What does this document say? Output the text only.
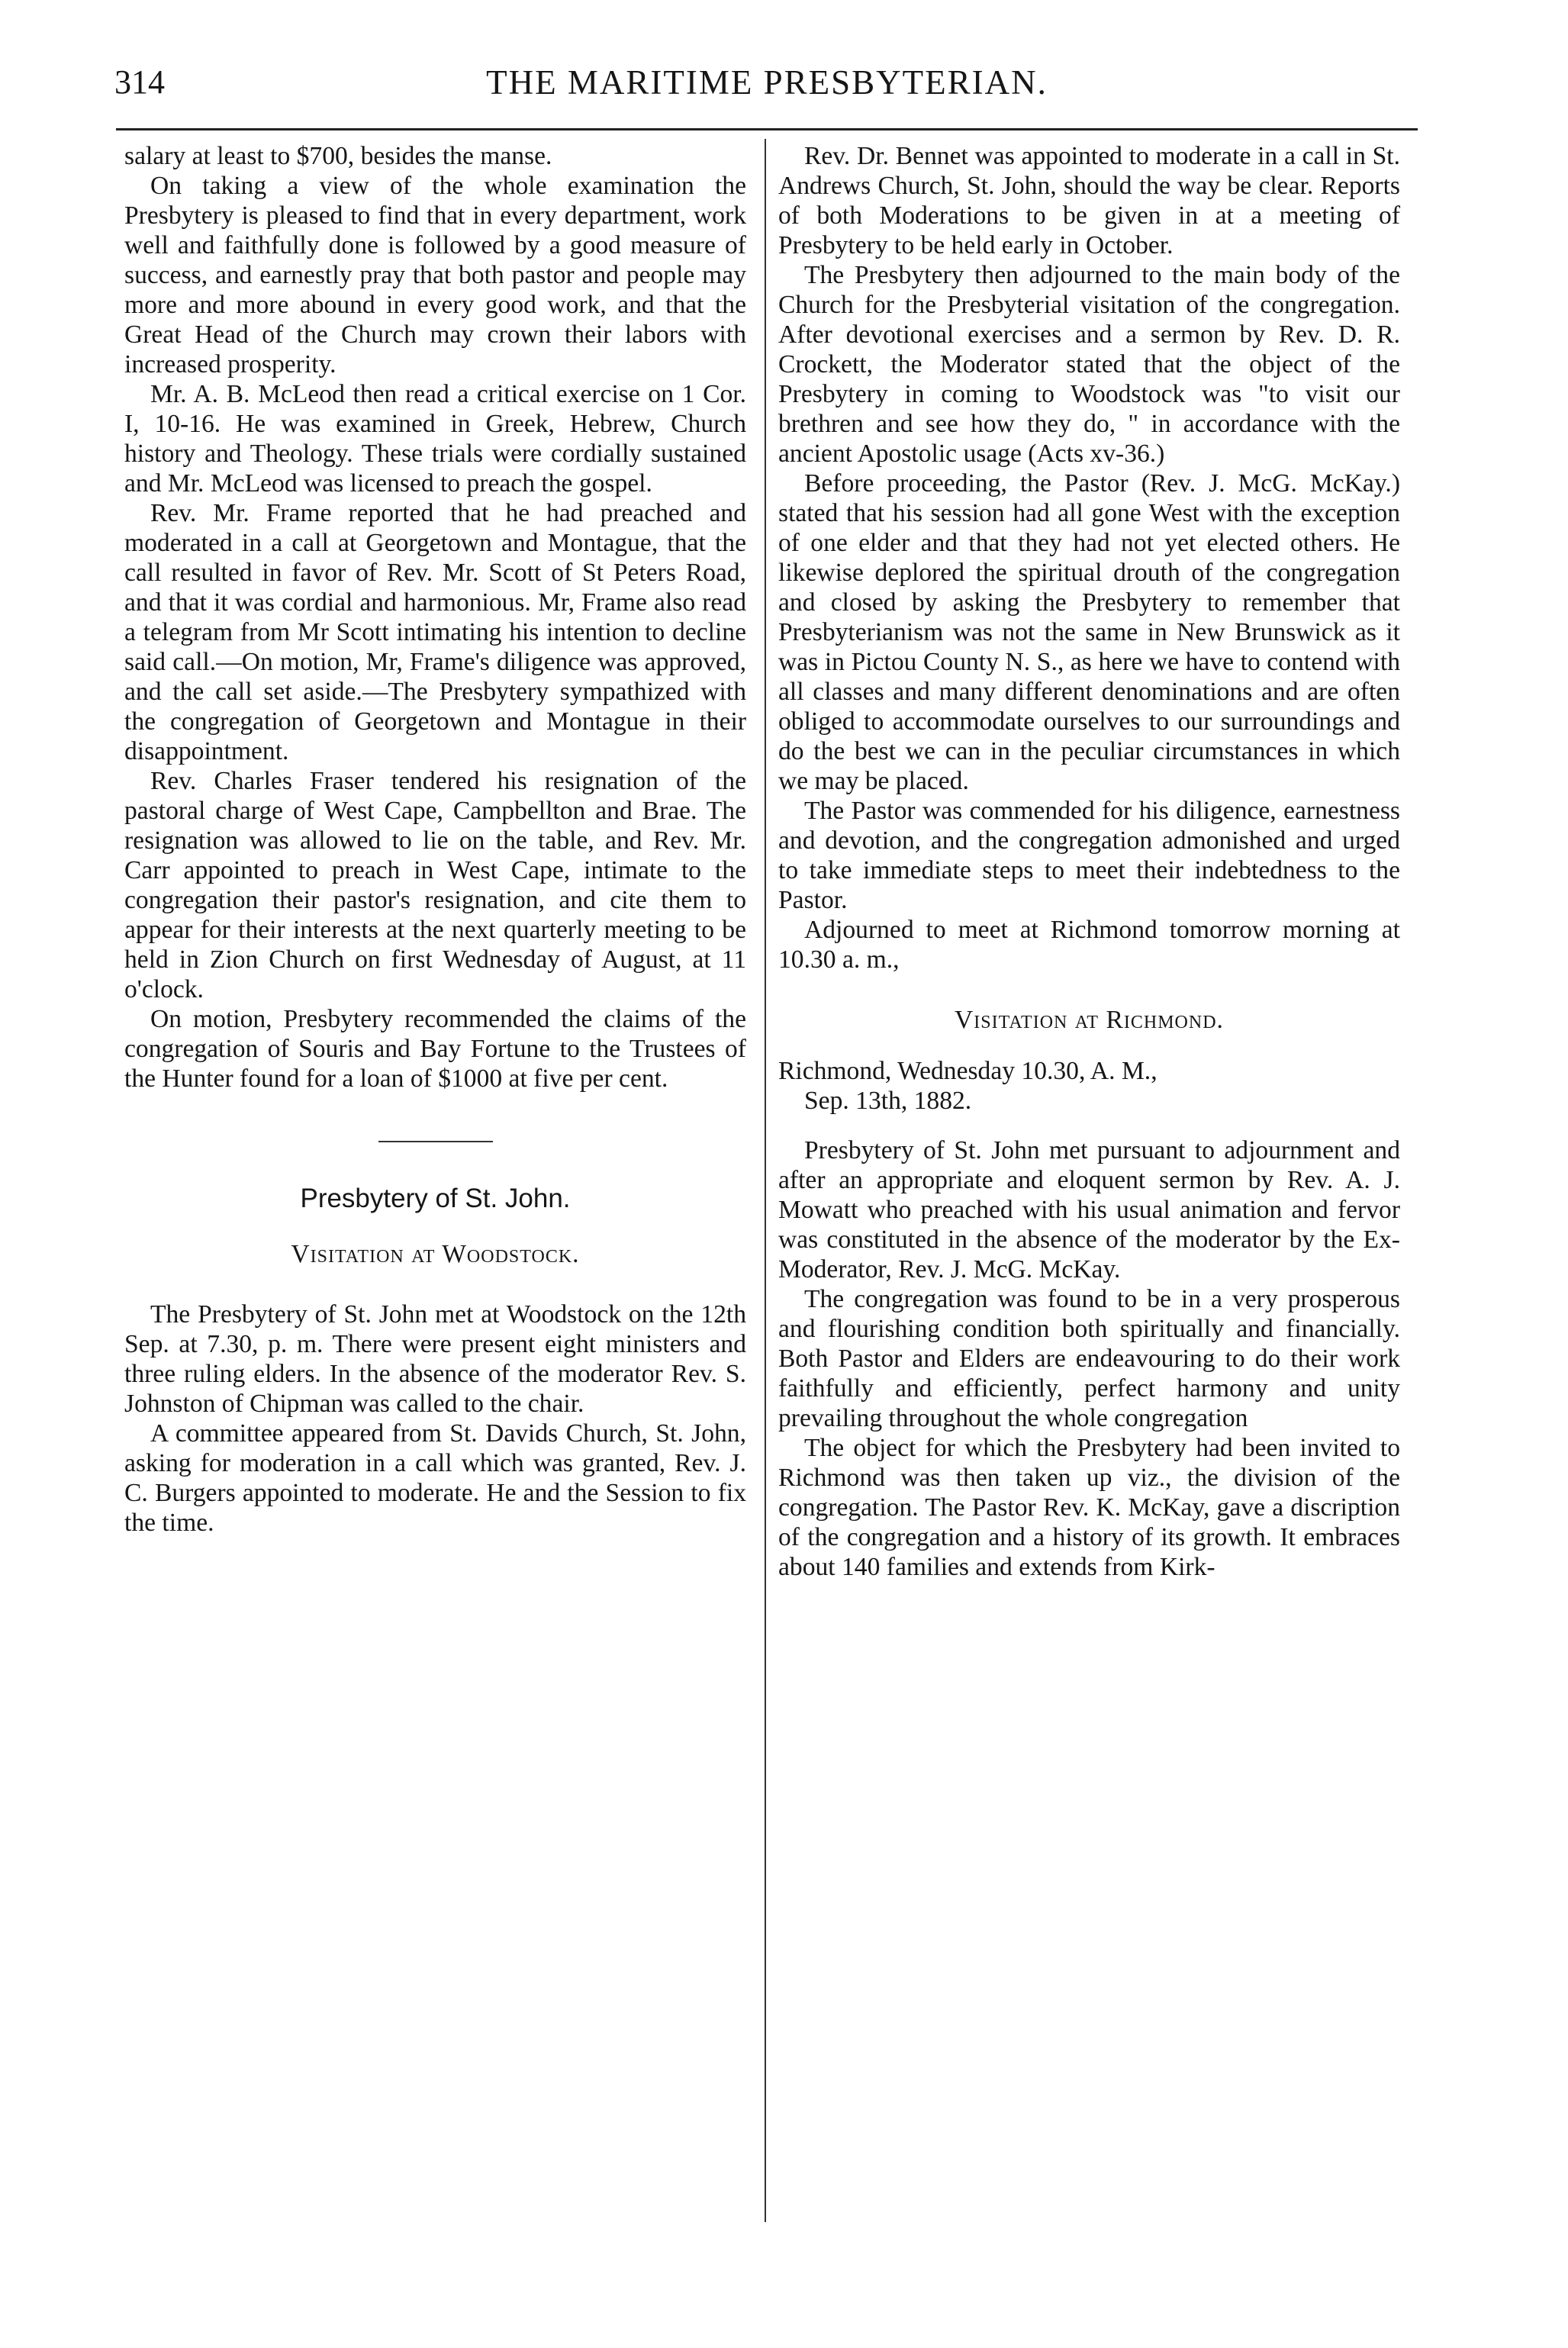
314	THE MARITIME PRESBYTERIAN.

salary at least to $700, besides the manse.

On taking a view of the whole examination the Presbytery is pleased to find that in every department, work well and faithfully done is followed by a good measure of success, and earnestly pray that both pastor and people may more and more abound in every good work, and that the Great Head of the Church may crown their labors with increased prosperity.

Mr. A. B. McLeod then read a critical exercise on 1 Cor. I, 10-16. He was examined in Greek, Hebrew, Church history and Theology. These trials were cordially sustained and Mr. McLeod was licensed to preach the gospel.

Rev. Mr. Frame reported that he had preached and moderated in a call at Georgetown and Montague, that the call resulted in favor of Rev. Mr. Scott of St Peters Road, and that it was cordial and harmonious. Mr, Frame also read a telegram from Mr Scott intimating his intention to decline said call.—On motion, Mr, Frame's diligence was approved, and the call set aside.—The Presbytery sympathized with the congregation of Georgetown and Montague in their disappointment.

Rev. Charles Fraser tendered his resignation of the pastoral charge of West Cape, Campbellton and Brae. The resignation was allowed to lie on the table, and Rev. Mr. Carr appointed to preach in West Cape, intimate to the congregation their pastor's resignation, and cite them to appear for their interests at the next quarterly meeting to be held in Zion Church on first Wednesday of August, at 11 o'clock.

On motion, Presbytery recommended the claims of the congregation of Souris and Bay Fortune to the Trustees of the Hunter found for a loan of $1000 at five per cent.

Presbytery of St. John.

Visitation at Woodstock.

The Presbytery of St. John met at Woodstock on the 12th Sep. at 7.30, p. m. There were present eight ministers and three ruling elders. In the absence of the moderator Rev. S. Johnston of Chipman was called to the chair.

A committee appeared from St. Davids Church, St. John, asking for moderation in a call which was granted, Rev. J. C. Burgers appointed to moderate. He and the Session to fix the time.

Rev. Dr. Bennet was appointed to moderate in a call in St. Andrews Church, St. John, should the way be clear. Reports of both Moderations to be given in at a meeting of Presbytery to be held early in October.

The Presbytery then adjourned to the main body of the Church for the Presbyterial visitation of the congregation. After devotional exercises and a sermon by Rev. D. R. Crockett, the Moderator stated that the object of the Presbytery in coming to Woodstock was "to visit our brethren and see how they do, " in accordance with the ancient Apostolic usage (Acts xv-36.)

Before proceeding, the Pastor (Rev. J. McG. McKay.) stated that his session had all gone West with the exception of one elder and that they had not yet elected others. He likewise deplored the spiritual drouth of the congregation and closed by asking the Presbytery to remember that Presbyterianism was not the same in New Brunswick as it was in Pictou County N. S., as here we have to contend with all classes and many different denominations and are often obliged to accommodate ourselves to our surroundings and do the best we can in the peculiar circumstances in which we may be placed.

The Pastor was commended for his diligence, earnestness and devotion, and the congregation admonished and urged to take immediate steps to meet their indebtedness to the Pastor.

Adjourned to meet at Richmond tomorrow morning at 10.30 a. m.,

Visitation at Richmond.

Richmond, Wednesday 10.30, A. M.,

Sep. 13th, 1882.

Presbytery of St. John met pursuant to adjournment and after an appropriate and eloquent sermon by Rev. A. J. Mowatt who preached with his usual animation and fervor was constituted in the absence of the moderator by the Ex-Moderator, Rev. J. McG. McKay.

The congregation was found to be in a very prosperous and flourishing condition both spiritually and financially. Both Pastor and Elders are endeavouring to do their work faithfully and efficiently, perfect harmony and unity prevailing throughout the whole congregation

The object for which the Presbytery had been invited to Richmond was then taken up viz., the division of the congregation. The Pastor Rev. K. McKay, gave a discription of the congregation and a history of its growth. It embraces about 140 families and extends from Kirk-
